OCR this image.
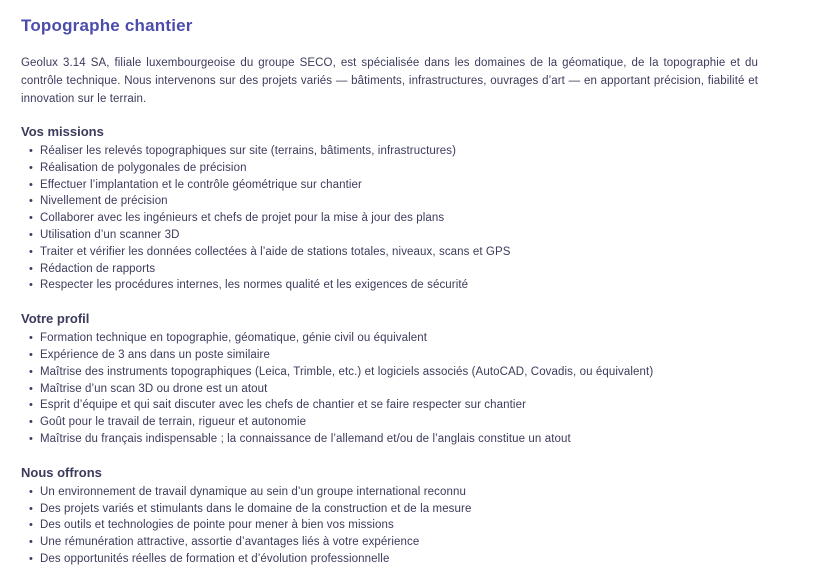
Topographe chantier

Geolux 3.14 SA, filiale luxembourgeoise du groupe SECO, est spécialisée dans les domaines de la géomatique, de la topographie et du contrôle technique. Nous intervenons sur des projets variés — bâtiments, infrastructures, ouvrages d’art — en apportant précision, fiabilité et innovation sur le terrain.

Vos missions
• Réaliser les relevés topographiques sur site (terrains, bâtiments, infrastructures)
• Réalisation de polygonales de précision
• Effectuer l’implantation et le contrôle géométrique sur chantier
• Nivellement de précision
• Collaborer avec les ingénieurs et chefs de projet pour la mise à jour des plans
• Utilisation d’un scanner 3D
• Traiter et vérifier les données collectées à l’aide de stations totales, niveaux, scans et GPS
• Rédaction de rapports
• Respecter les procédures internes, les normes qualité et les exigences de sécurité
Votre profil
• Formation technique en topographie, géomatique, génie civil ou équivalent
• Expérience de 3 ans dans un poste similaire
• Maîtrise des instruments topographiques (Leica, Trimble, etc.) et logiciels associés (AutoCAD, Covadis, ou équivalent)
• Maîtrise d’un scan 3D ou drone est un atout
• Esprit d’équipe et qui sait discuter avec les chefs de chantier et se faire respecter sur chantier
• Goût pour le travail de terrain, rigueur et autonomie
• Maîtrise du français indispensable ; la connaissance de l’allemand et/ou de l’anglais constitue un atout
Nous offrons
• Un environnement de travail dynamique au sein d’un groupe international reconnu
• Des projets variés et stimulants dans le domaine de la construction et de la mesure
• Des outils et technologies de pointe pour mener à bien vos missions
• Une rémunération attractive, assortie d’avantages liés à votre expérience
• Des opportunités réelles de formation et d’évolution professionnelle
